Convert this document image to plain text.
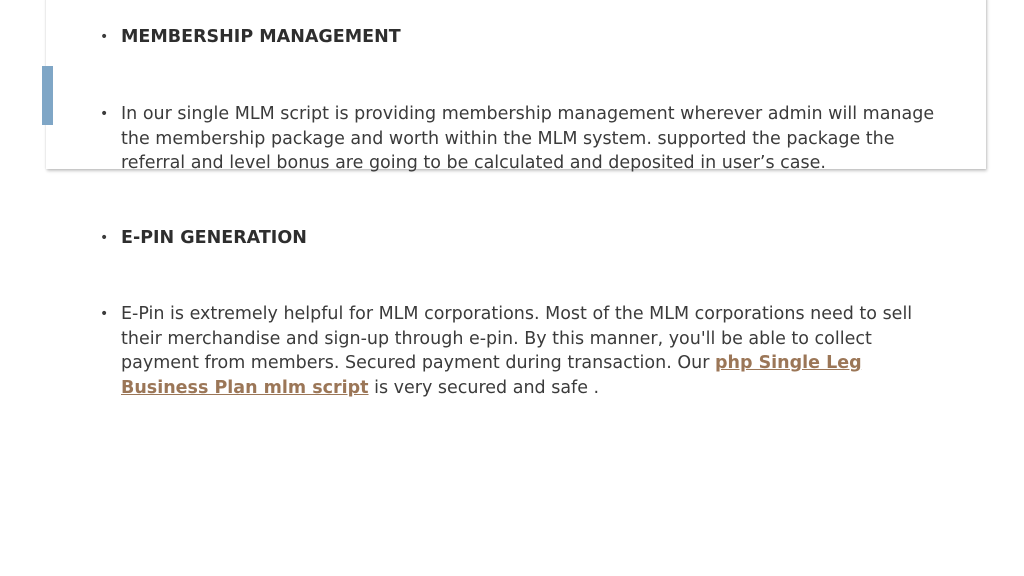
• MEMBERSHIP MANAGEMENT
• In our single MLM script is providing membership management wherever admin will manage the membership package and worth within the MLM system. supported the package the referral and level bonus are going to be calculated and deposited in user’s case.
• E-PIN GENERATION
• E-Pin is extremely helpful for MLM corporations. Most of the MLM corporations need to sell their merchandise and sign-up through e-pin. By this manner, you'll be able to collect payment from members. Secured payment during transaction. Our php Single Leg Business Plan mlm script is very secured and safe .
